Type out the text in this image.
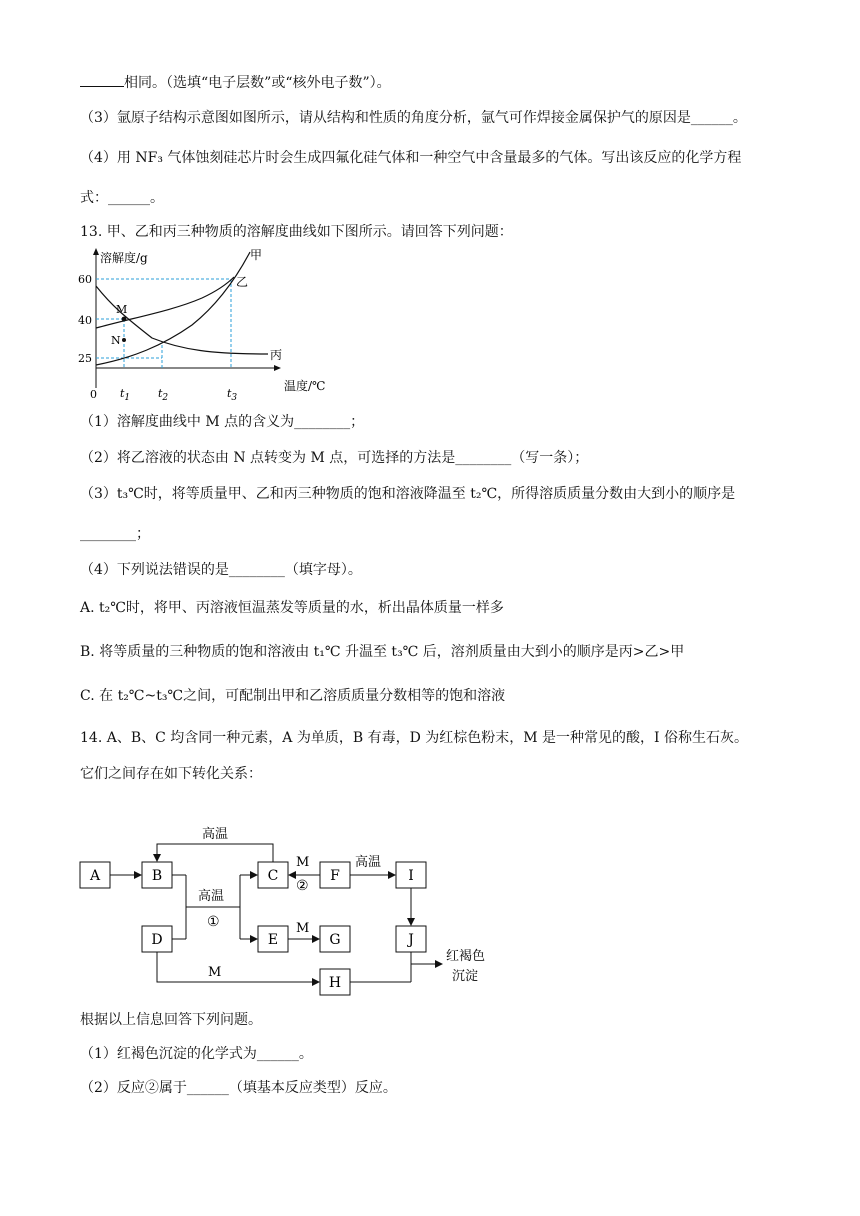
相同。（选填“电子层数”或“核外电子数”）。
（3）氩原子结构示意图如图所示，请从结构和性质的角度分析，氩气可作焊接金属保护气的原因是______。
（4）用 NF₃ 气体蚀刻硅芯片时会生成四氟化硅气体和一种空气中含量最多的气体。写出该反应的化学方程
式：______。
13. 甲、乙和丙三种物质的溶解度曲线如下图所示。请回答下列问题：
溶解度/g
温度/℃
0
60
40
25
甲
乙
丙
M
N
$t_1$	$t_2$	$t_3$
（1）溶解度曲线中 M 点的含义为________；
（2）将乙溶液的状态由 N 点转变为 M 点，可选择的方法是________（写一条）；
（3）t₃℃时，将等质量甲、乙和丙三种物质的饱和溶液降温至 t₂℃，所得溶质质量分数由大到小的顺序是
________；
（4）下列说法错误的是________（填字母）。
A. t₂℃时，将甲、丙溶液恒温蒸发等质量的水，析出晶体质量一样多
B. 将等质量的三种物质的饱和溶液由 t₁℃ 升温至 t₃℃ 后，溶剂质量由大到小的顺序是丙>乙>甲
C. 在 t₂℃~t₃℃之间，可配制出甲和乙溶质质量分数相等的饱和溶液
14. A、B、C 均含同一种元素，A 为单质，B 有毒，D 为红棕色粉末，M 是一种常见的酸，I 俗称生石灰。
它们之间存在如下转化关系：
A	B	C	F	I
D	E	G	J
H
高温
高温
①
M
②
高温
M
M
红褐色
沉淀
根据以上信息回答下列问题。
（1）红褐色沉淀的化学式为______。
（2）反应②属于______（填基本反应类型）反应。
